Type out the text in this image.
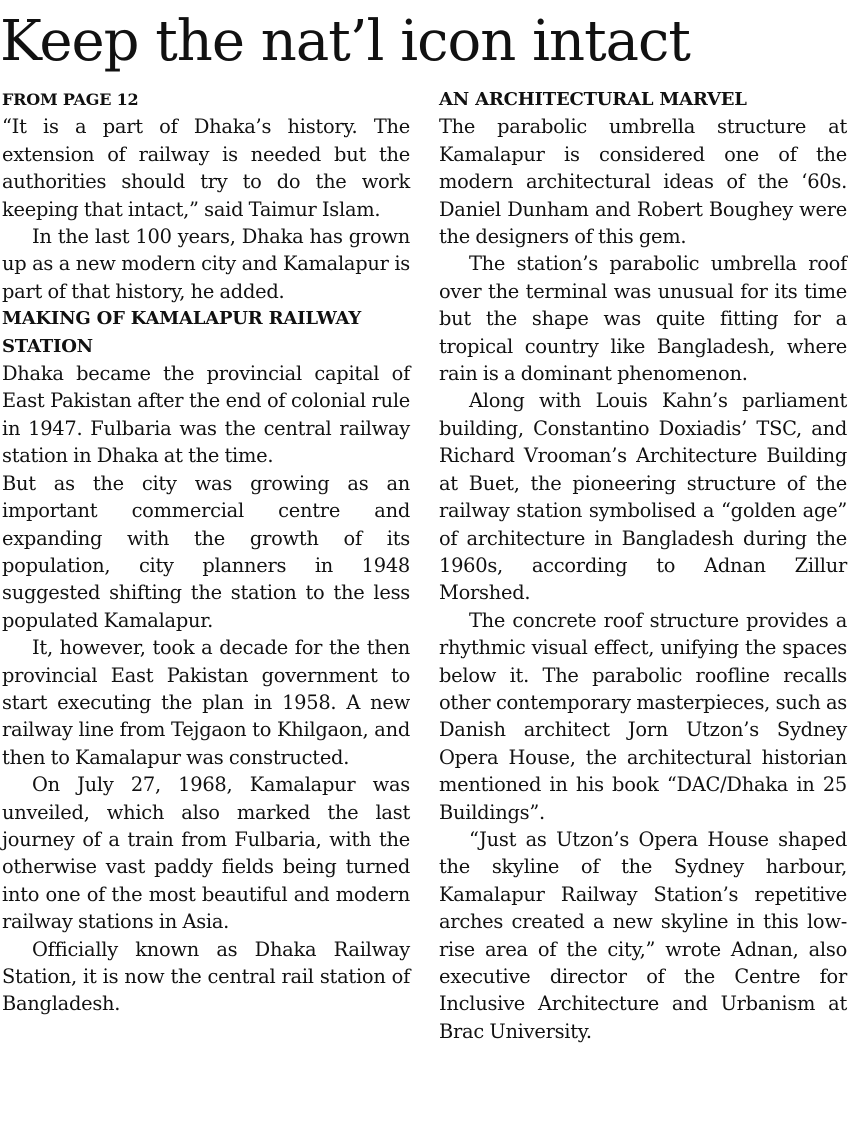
Keep the nat’l icon intact
FROM PAGE 12

“It is a part of Dhaka’s history. The extension of railway is needed but the authorities should try to do the work keeping that intact,” said Taimur Islam.

In the last 100 years, Dhaka has grown up as a new modern city and Kamalapur is part of that history, he added.

MAKING OF KAMALAPUR RAILWAY STATION

Dhaka became the provincial capital of East Pakistan after the end of colonial rule in 1947. Fulbaria was the central railway station in Dhaka at the time.

But as the city was growing as an important commercial centre and expanding with the growth of its population, city planners in 1948 suggested shifting the station to the less populated Kamalapur.

It, however, took a decade for the then provincial East Pakistan government to start executing the plan in 1958. A new railway line from Tejgaon to Khilgaon, and then to Kamalapur was constructed.

On July 27, 1968, Kamalapur was unveiled, which also marked the last journey of a train from Fulbaria, with the otherwise vast paddy fields being turned into one of the most beautiful and modern railway stations in Asia.

Officially known as Dhaka Railway Station, it is now the central rail station of Bangladesh.

AN ARCHITECTURAL MARVEL

The parabolic umbrella structure at Kamalapur is considered one of the modern architectural ideas of the ‘60s. Daniel Dunham and Robert Boughey were the designers of this gem.

The station’s parabolic umbrella roof over the terminal was unusual for its time but the shape was quite fitting for a tropical country like Bangladesh, where rain is a dominant phenomenon.

Along with Louis Kahn’s parliament building, Constantino Doxiadis’ TSC, and Richard Vrooman’s Architecture Building at Buet, the pioneering structure of the railway station symbolised a “golden age” of architecture in Bangladesh during the 1960s, according to Adnan Zillur Morshed.

The concrete roof structure provides a rhythmic visual effect, unifying the spaces below it. The parabolic roofline recalls other contemporary masterpieces, such as Danish architect Jorn Utzon’s Sydney Opera House, the architectural historian mentioned in his book “DAC/Dhaka in 25 Buildings”.

“Just as Utzon’s Opera House shaped the skyline of the Sydney harbour, Kamalapur Railway Station’s repetitive arches created a new skyline in this low-rise area of the city,” wrote Adnan, also executive director of the Centre for Inclusive Architecture and Urbanism at Brac University.
